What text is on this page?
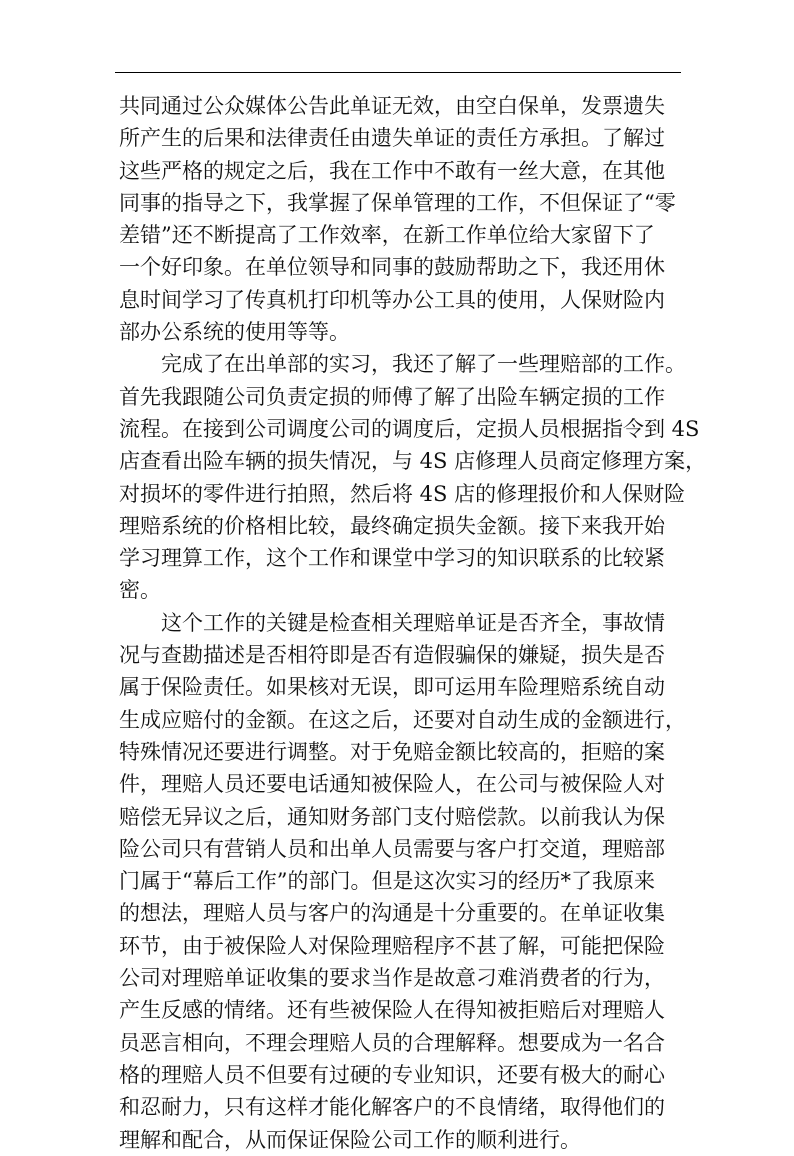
共同通过公众媒体公告此单证无效，由空白保单，发票遗失
所产生的后果和法律责任由遗失单证的责任方承担。了解过
这些严格的规定之后，我在工作中不敢有一丝大意，在其他
同事的指导之下，我掌握了保单管理的工作，不但保证了“零
差错”还不断提高了工作效率，在新工作单位给大家留下了
一个好印象。在单位领导和同事的鼓励帮助之下，我还用休
息时间学习了传真机打印机等办公工具的使用，人保财险内
部办公系统的使用等等。
完成了在出单部的实习，我还了解了一些理赔部的工作。
首先我跟随公司负责定损的师傅了解了出险车辆定损的工作
流程。在接到公司调度公司的调度后，定损人员根据指令到 4S
店查看出险车辆的损失情况，与 4S 店修理人员商定修理方案，
对损坏的零件进行拍照，然后将 4S 店的修理报价和人保财险
理赔系统的价格相比较，最终确定损失金额。接下来我开始
学习理算工作，这个工作和课堂中学习的知识联系的比较紧
密。
这个工作的关键是检查相关理赔单证是否齐全，事故情
况与查勘描述是否相符即是否有造假骗保的嫌疑，损失是否
属于保险责任。如果核对无误，即可运用车险理赔系统自动
生成应赔付的金额。在这之后，还要对自动生成的金额进行，
特殊情况还要进行调整。对于免赔金额比较高的，拒赔的案
件，理赔人员还要电话通知被保险人，在公司与被保险人对
赔偿无异议之后，通知财务部门支付赔偿款。以前我认为保
险公司只有营销人员和出单人员需要与客户打交道，理赔部
门属于“幕后工作”的部门。但是这次实习的经历*了我原来
的想法，理赔人员与客户的沟通是十分重要的。在单证收集
环节，由于被保险人对保险理赔程序不甚了解，可能把保险
公司对理赔单证收集的要求当作是故意刁难消费者的行为，
产生反感的情绪。还有些被保险人在得知被拒赔后对理赔人
员恶言相向，不理会理赔人员的合理解释。想要成为一名合
格的理赔人员不但要有过硬的专业知识，还要有极大的耐心
和忍耐力，只有这样才能化解客户的不良情绪，取得他们的
理解和配合，从而保证保险公司工作的顺利进行。
